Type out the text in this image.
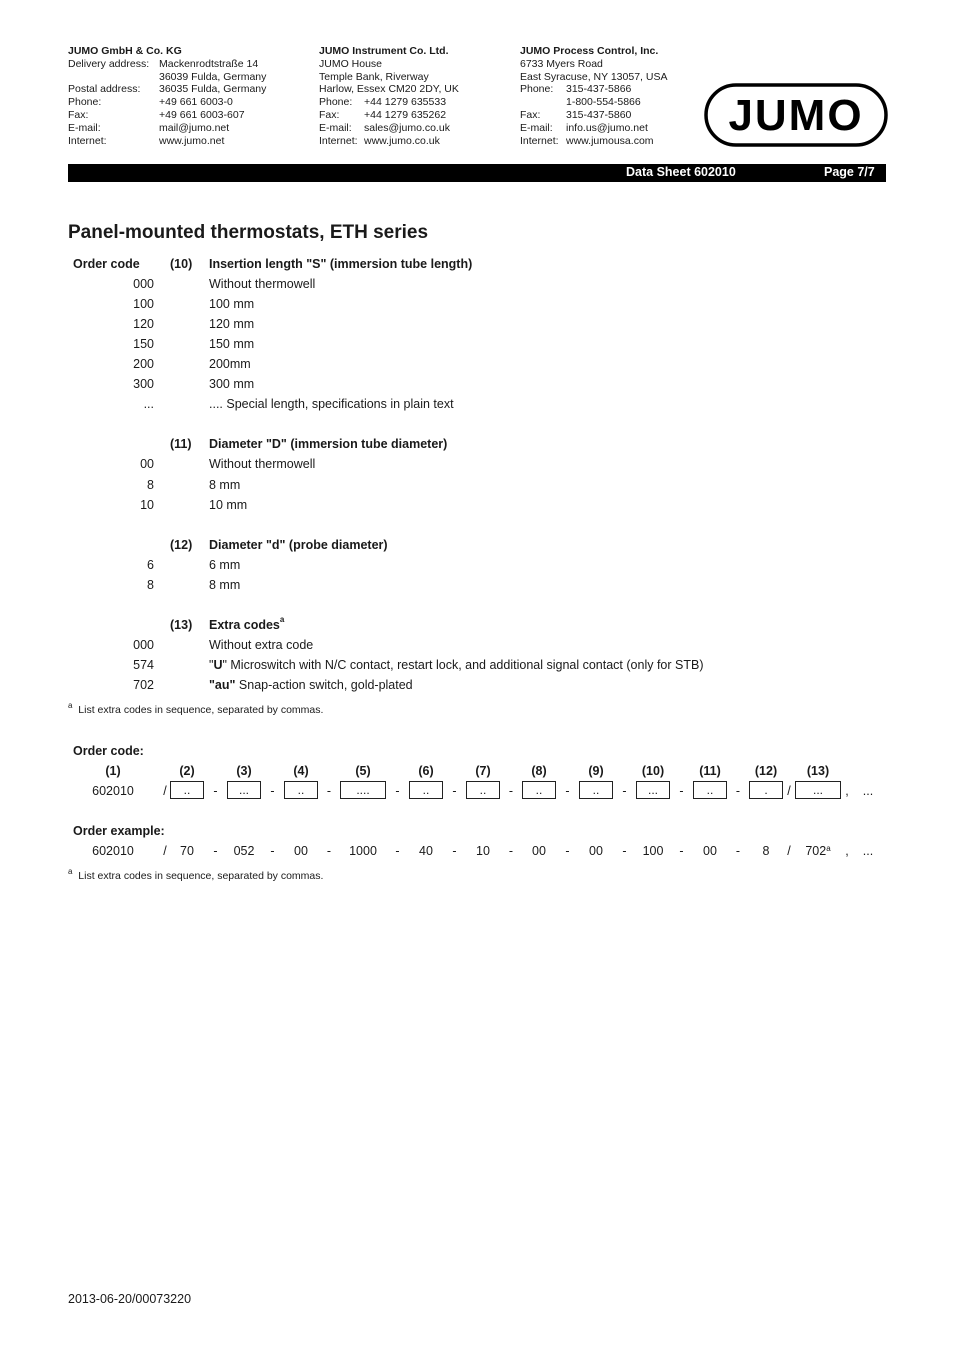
JUMO GmbH & Co. KG
Delivery address: Mackenrodtstraße 14
36039 Fulda, Germany
Postal address:	36035 Fulda, Germany
Phone:	+49 661 6003-0
Fax:	+49 661 6003-607
E-mail:	mail@jumo.net
Internet:	www.jumo.net
JUMO Instrument Co. Ltd.
JUMO House
Temple Bank, Riverway
Harlow, Essex CM20 2DY, UK
Phone:	+44 1279 635533
Fax:	+44 1279 635262
E-mail:	sales@jumo.co.uk
Internet: www.jumo.co.uk
JUMO Process Control, Inc.
6733 Myers Road
East Syracuse, NY 13057, USA
Phone:	315-437-5866
1-800-554-5866
Fax:	315-437-5860
E-mail:	info.us@jumo.net
Internet: www.jumousa.com
JUMO
Data Sheet 602010	Page 7/7
Panel-mounted thermostats, ETH series
Order code (10) Insertion length "S" (immersion tube length)
000	Without thermowell
100	100 mm
120	120 mm
150	150 mm
200	200mm
300	300 mm
...	.... Special length, specifications in plain text
(11) Diameter "D" (immersion tube diameter)
00	Without thermowell
8	8 mm
10	10 mm
(12) Diameter "d" (probe diameter)
6	6 mm
8	8 mm
(13) Extra codes$^a$
000	Without extra code
574	"U" Microswitch with N/C contact, restart lock, and additional signal contact (only for STB)
702	"au" Snap-action switch, gold-plated
$^a$ List extra codes in sequence, separated by commas.
Order code:
Order example:
$^a$ List extra codes in sequence, separated by commas.
2013-06-20/00073220
(1)	(2)	(3)	(4)	(5)	(6)	(7)	(8)	(9)	(10)	(11)	(12)	(13)
602010	/	..	-	...	-	..	-	....	-	..	-	..	-	..	-	..	-	...	-	..	-	.	/	...	,	...
602010	/	70	-	052	-	00	-	1000	-	40	-	10	-	00	-	00	-	100	-	00	-	8	/	702$^a$	,	...
